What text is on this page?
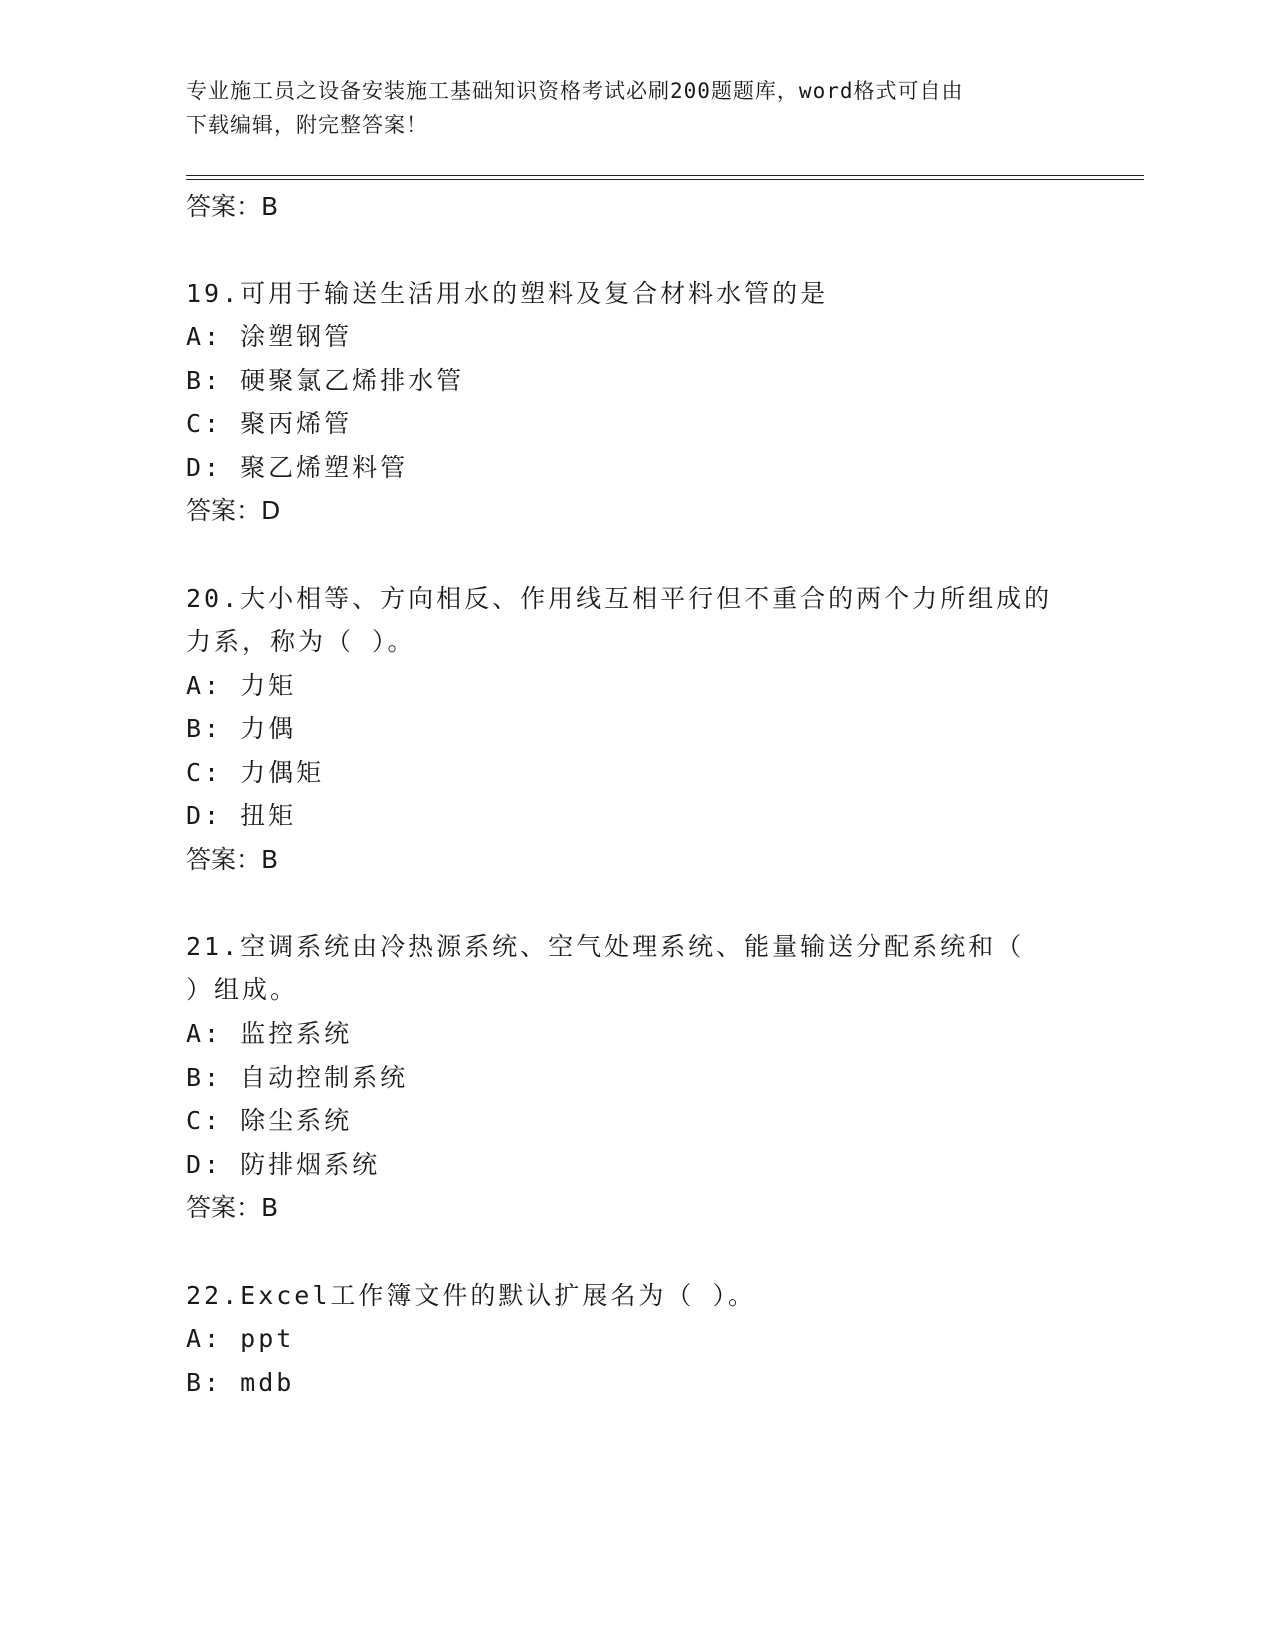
专业施工员之设备安装施工基础知识资格考试必刷200题题库，word格式可自由
下载编辑，附完整答案！
答案：B
19.可用于输送生活用水的塑料及复合材料水管的是
A: 涂塑钢管
B: 硬聚氯乙烯排水管
C: 聚丙烯管
D: 聚乙烯塑料管
答案：D
20.大小相等、方向相反、作用线互相平行但不重合的两个力所组成的
力系，称为（ ）。
A: 力矩
B: 力偶
C: 力偶矩
D: 扭矩
答案：B
21.空调系统由冷热源系统、空气处理系统、能量输送分配系统和（
）组成。
A: 监控系统
B: 自动控制系统
C: 除尘系统
D: 防排烟系统
答案：B
22.Excel工作簿文件的默认扩展名为（ ）。
A: ppt
B: mdb
